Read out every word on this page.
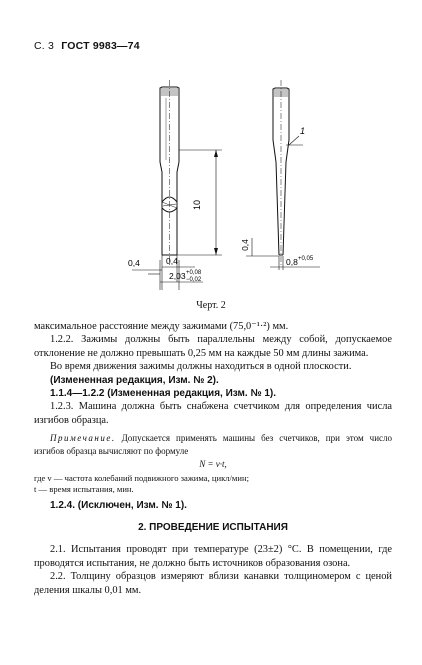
С. 3 ГОСТ 9983—74
10
0,4	0,4
2,03 +0,08
−0,02
0,4
0,8 +0,05
1
Черт. 2

максимальное расстояние между зажимами (75,0⁻¹·²) мм.

1.2.2. Зажимы должны быть параллельны между собой, допускаемое отклонение не должно превышать 0,25 мм на каждые 50 мм длины зажима.

Во время движения зажимы должны находиться в одной плоскости.

(Измененная редакция, Изм. № 2).

1.1.4—1.2.2 (Измененная редакция, Изм. № 1).

1.2.3. Машина должна быть снабжена счетчиком для определения числа изгибов образца.

Примечание. Допускается применять машины без счетчиков, при этом число изгибов образца вычисляют по формуле
N = v·t,
где v — частота колебаний подвижного зажима, цикл/мин;
t — время испытания, мин.

1.2.4. (Исключен, Изм. № 1).

2. ПРОВЕДЕНИЕ ИСПЫТАНИЯ

2.1. Испытания проводят при температуре (23±2) °С. В помещении, где проводятся испытания, не должно быть источников образования озона.

2.2. Толщину образцов измеряют вблизи канавки толщиномером с ценой деления шкалы 0,01 мм.
